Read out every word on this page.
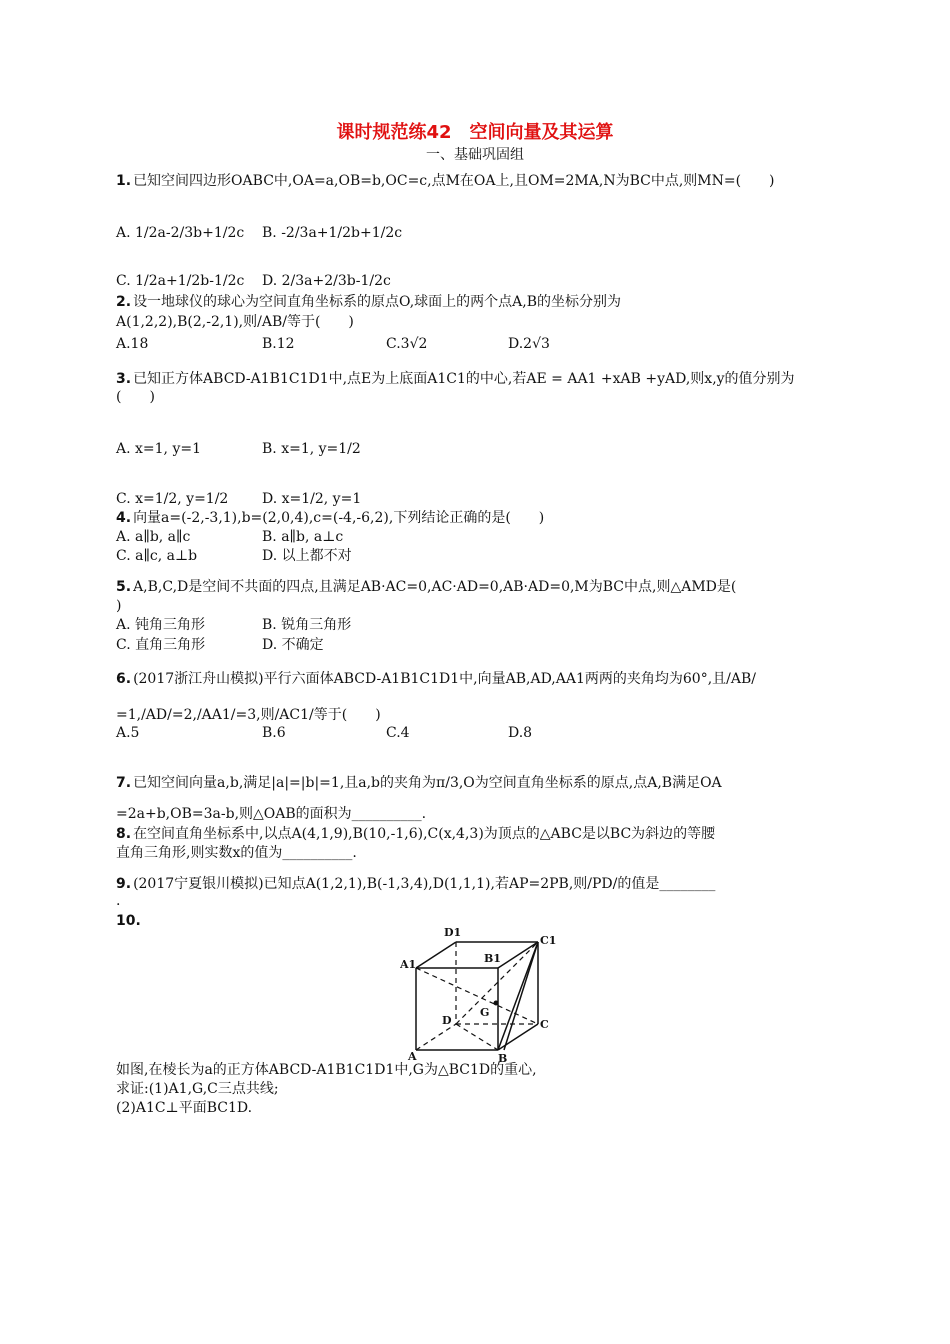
课时规范练42　空间向量及其运算
一、基础巩固组
1. 已知空间四边形OABC中,OA=a,OB=b,OC=c,点M在OA上,且OM=2MA,N为BC中点,则MN=(　　)
A. 1/2a-2/3b+1/2c B. -2/3a+1/2b+1/2c
C. 1/2a+1/2b-1/2c D. 2/3a+2/3b-1/2c
2. 设一地球仪的球心为空间直角坐标系的原点O,球面上的两个点A,B的坐标分别为
A(1,2,2),B(2,-2,1),则/AB/等于(　　)
A.18	B.12	C.3√2	D.2√3
3. 已知正方体ABCD-A1B1C1D1中,点E为上底面A1C1的中心,若AE = AA1 +xAB +yAD,则x,y的值分别为
(　　)
A. x=1, y=1	B. x=1, y=1/2
C. x=1/2, y=1/2 D. x=1/2, y=1
4. 向量a=(-2,-3,1),b=(2,0,4),c=(-4,-6,2),下列结论正确的是(　　)
A. a∥b, a∥c	B. a∥b, a⊥c
C. a∥c, a⊥b	D. 以上都不对
5. A,B,C,D是空间不共面的四点,且满足AB·AC=0,AC·AD=0,AB·AD=0,M为BC中点,则△AMD是(
)
A. 钝角三角形	B. 锐角三角形
C. 直角三角形	D. 不确定
6. (2017浙江舟山模拟)平行六面体ABCD-A1B1C1D1中,向量AB,AD,AA1两两的夹角均为60°,且/AB/
=1,/AD/=2,/AA1/=3,则/AC1/等于(　　)
A.5	B.6	C.4	D.8
7. 已知空间向量a,b,满足|a|=|b|=1,且a,b的夹角为π/3,O为空间直角坐标系的原点,点A,B满足OA
=2a+b,OB=3a-b,则△OAB的面积为__________.
8. 在空间直角坐标系中,以点A(4,1,9),B(10,-1,6),C(x,4,3)为顶点的△ABC是以BC为斜边的等腰
直角三角形,则实数x的值为__________.
9. (2017宁夏银川模拟)已知点A(1,2,1),B(-1,3,4),D(1,1,1),若AP=2PB,则/PD/的值是________
.
10.
D1
C1
B1
A1
D
G
C
A	B
如图,在棱长为a的正方体ABCD-A1B1C1D1中,G为△BC1D的重心,
求证:(1)A1,G,C三点共线;
(2)A1C⊥平面BC1D.
